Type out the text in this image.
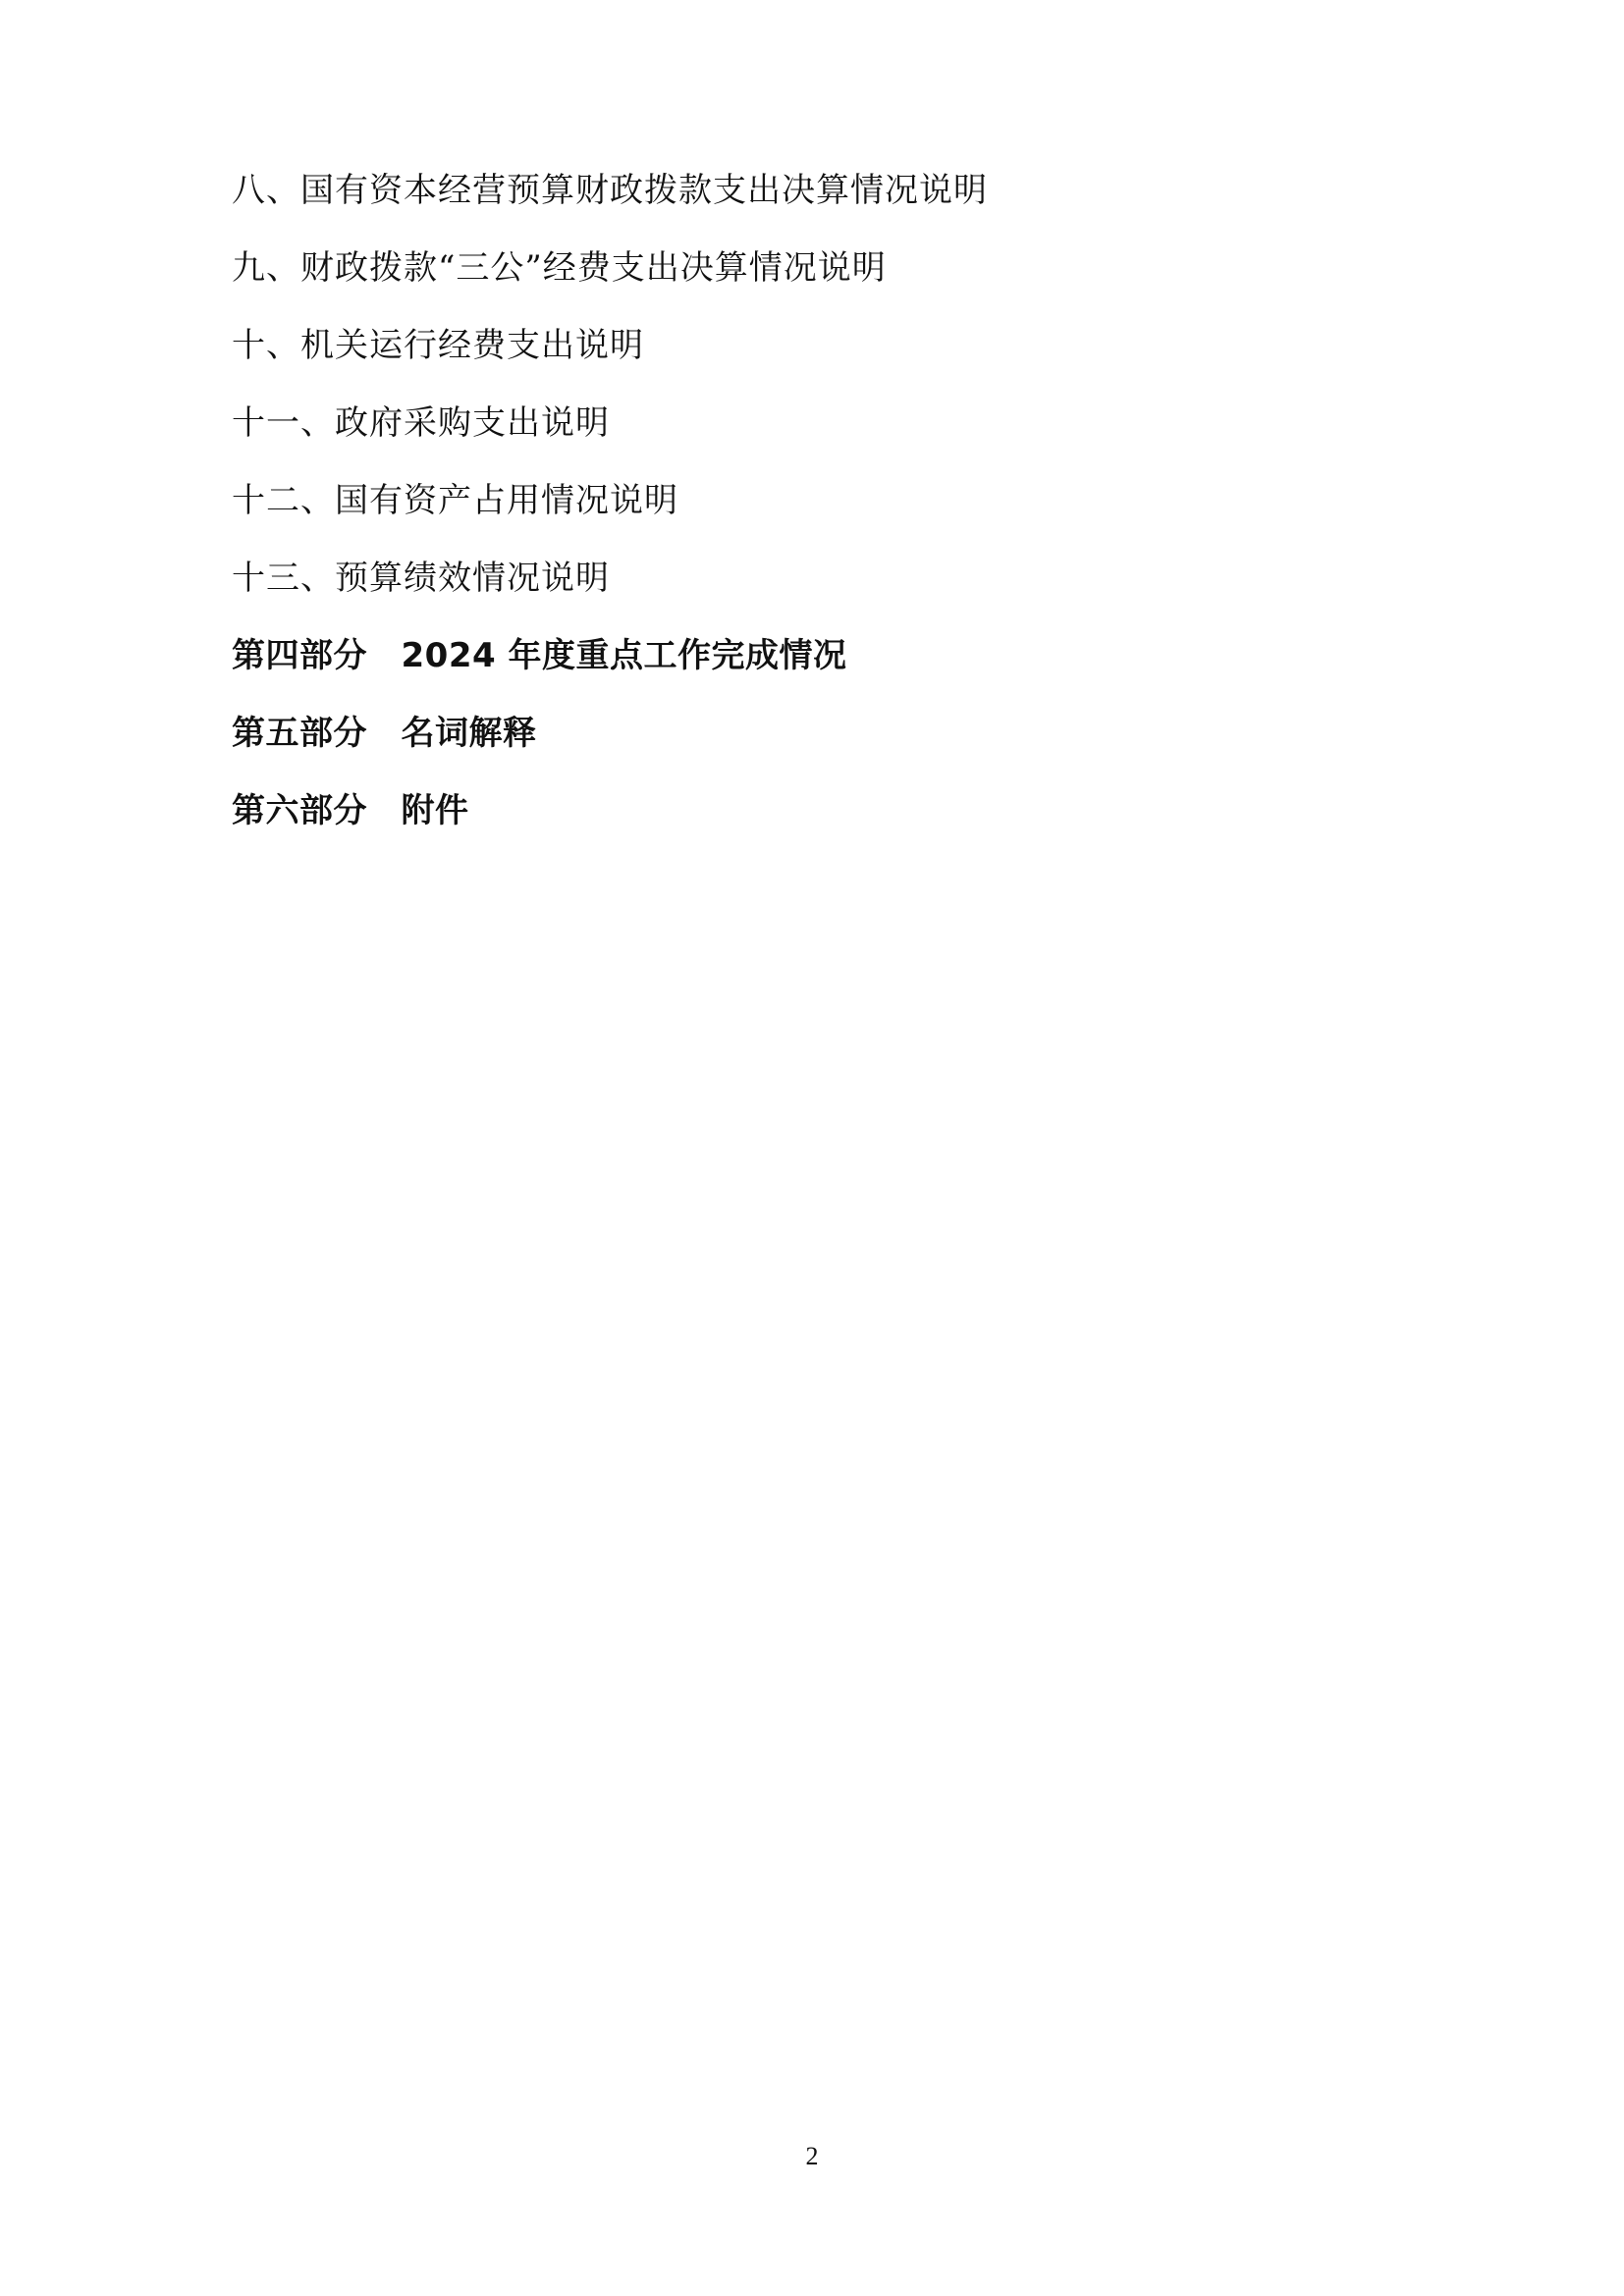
八、国有资本经营预算财政拨款支出决算情况说明
九、财政拨款“三公”经费支出决算情况说明
十、机关运行经费支出说明
十一、政府采购支出说明
十二、国有资产占用情况说明
十三、预算绩效情况说明
第四部分　2024 年度重点工作完成情况
第五部分　名词解释
第六部分　附件
2
